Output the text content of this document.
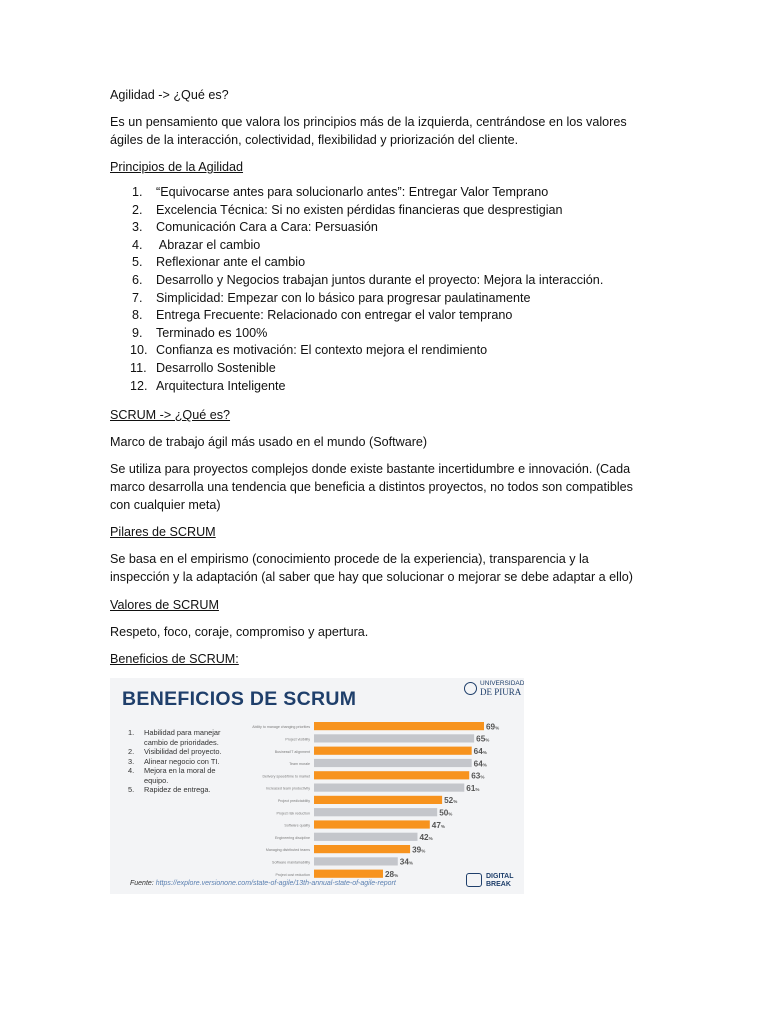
Agilidad -> ¿Qué es?
Es un pensamiento que valora los principios más de la izquierda, centrándose en los valores
ágiles de la interacción, colectividad, flexibilidad y priorización del cliente.
Principios de la Agilidad
1.	“Equivocarse antes para solucionarlo antes”: Entregar Valor Temprano
2.	Excelencia Técnica: Si no existen pérdidas financieras que desprestigian
3.	Comunicación Cara a Cara: Persuasión
4.	Abrazar el cambio
5.	Reflexionar ante el cambio
6.	Desarrollo y Negocios trabajan juntos durante el proyecto: Mejora la interacción.
7.	Simplicidad: Empezar con lo básico para progresar paulatinamente
8.	Entrega Frecuente: Relacionado con entregar el valor temprano
9.	Terminado es 100%
10. Confianza es motivación: El contexto mejora el rendimiento
11. Desarrollo Sostenible
12. Arquitectura Inteligente
SCRUM -> ¿Qué es?
Marco de trabajo ágil más usado en el mundo (Software)
Se utiliza para proyectos complejos donde existe bastante incertidumbre e innovación. (Cada
marco desarrolla una tendencia que beneficia a distintos proyectos, no todos son compatibles
con cualquier meta)
Pilares de SCRUM
Se basa en el empirismo (conocimiento procede de la experiencia), transparencia y la
inspección y la adaptación (al saber que hay que solucionar o mejorar se debe adaptar a ello)
Valores de SCRUM
Respeto, foco, coraje, compromiso y apertura.
Beneficios de SCRUM:
BENEFICIOS DE SCRUM
UNIVERSIDAD
DE PIURA
1. Habilidad para manejar
cambio de prioridades.
2. Visibilidad del proyecto.
3. Alinear negocio con TI.
4. Mejora en la moral de
equipo.
5. Rapidez de entrega.
Ability to manage changing priorities	69%
Project visibility	65%
Business/IT alignment	64%
Team morale	64%
Delivery speed/time to market	63%
Increased team productivity	61%
Project predictability	52%
Project risk reduction	50%
Software quality	47%
Engineering discipline	42%
Managing distributed teams	39%
Software maintainability	34%
Project cost reduction	28%
Fuente: https://explore.versionone.com/state-of-agile/13th-annual-state-of-agile-report
DIGITAL
BREAK
